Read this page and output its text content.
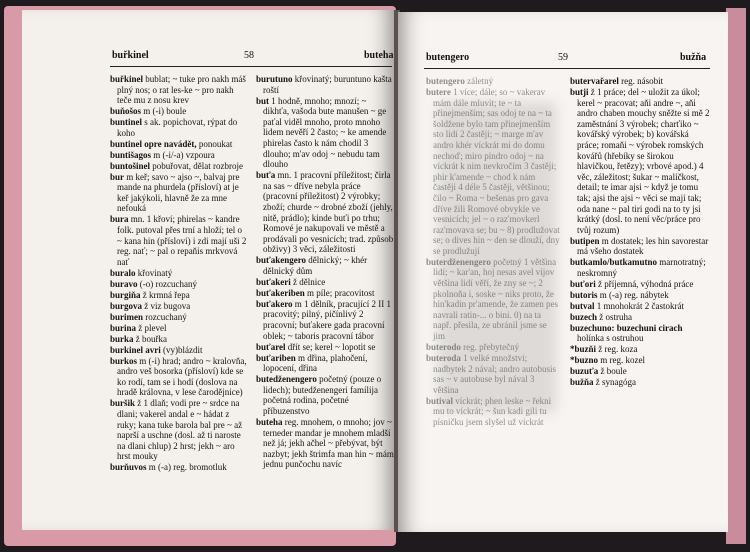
buřkinel	58	buteha
buřkinel bublat; ~ tuke pro nakh máš plný nos; o rat les-ke ~ pro nakh teče mu z nosu krev
buňošos m (-i) boule
buntinel s ak. popichovat, rýpat do koho
buntinel opre navádět, ponoukat
buntišagos m (-i/-a) vzpoura
buntošinel pobuřovat, dělat rozbroje
bur m keř; savo ~ ajso ~, balvaj pre mande na phurdela (přísloví) at je keř jakýkoli, hlavně že za mne nefouká
bura mn. 1 křoví; phirelas ~ kandre folk. putoval přes trní a hloží; tel o ~ kana hin (přísloví) i zdi mají uši 2 reg. nať; ~ pal o repaňis mrkvová nať
buralo křovinatý
buravo (-o) rozcuchaný
burgiňa ž krmná řepa
burgova ž viz bugova
burimen rozcuchaný
burina ž plevel
burka ž bouřka
burkinel avri (vy)blázdit
burkos m (-i) hrad; andro ~ kralovňa, andro veš bosorka (přísloví) kde se ko rodí, tam se i hodí (doslova na hradě královna, v lese čarodějnice)
buršik ž 1 dlaň; vodi pre ~ srdce na dlani; vakerel andal e ~ hádat z ruky; kana tuke barola bal pre ~ až naprší a uschne (dosl. až ti naroste na dlani chlup) 2 hrst; jekh ~ aro hrst mouky
burňuvos m (-a) reg. bromotluk
burutuno křovinatý; buruntuno kašta roští
but 1 hodně, mnoho; mnozí; ~ dikhťa, vašoda bute manušen ~ ge paťal viděl mnoho, proto mnoho lidem nevěří 2 často; ~ ke amende phirelas často k nám chodil 3 dlouho; m'av odoj ~ nebudu tam dlouho
buťa mn. 1 pracovní příležitost; čirla na sas ~ dříve nebyla práce (pracovní příležitost) 2 výrobky; zboží; churde ~ drobné zboží (jehly, nitě, prádlo); kinde buťi po trhu; Romové je nakupovali ve městě a prodávali po vesnicích; trad. způsob obživy) 3 věci, záležitosti
buťakengero dělnický; ~ khér dělnický dům
buťakeri ž dělnice
buťakeriben m píle; pracovitost
buťakero m 1 dělník, pracující 2 II 1 pracovitý; pilný, pičínlivý 2 pracovní; buťakere gada pracovní oblek; ~ taboris pracovní tábor
buťarel dřít se; kerel ~ lopotit se
buťariben m dřina, plahočení, lopocení, dřina
butedženengero početný (pouze o lidech); butedženengeri famílija početná rodina, početné příbuzenstvo
buteha reg. mnohem, o mnoho; jov ~ terneder mandar je mnohem mladší než já; jekh ačhel ~ přebývat, být nazbyt; jekh štrimfa man hin ~ mám jednu punčochu navíc
butengero	59	bužňa
butengero záletný
butere 1 více; dále; so ~ vakerav mám dále mluvit; te ~ ta přinejmenším; sas odoj te na ~ ta šoldžene bylo tam přinejmenším sto lidí 2 častěji; ~ marge m'av andro khér víckrát mi do domu nechoď; miro pindro odoj ~ na víckrát k nim nevkročím 3 častěji; phir k'amende ~ chod k nám častěji 4 déle 5 častěji, většinou; čilo ~ Roma ~ bešenas pro gava dříve žili Romové obvykle ve vesnicích; jel ~ o raz'movkerl raz'movava se; bu ~ 8) prodlužovat se; o dives hin ~ den se dlouží, dny se prodlužují
buterdženengero početný 1 většina lidí; ~ kar'an, hoj nesas avel vijov většina lidí věří, že zny se ~; 2 pkolnoňa i, soske ~ niks proto, že hin'kadin pr'amende, že zamen pes navrali ratin-... o bini. 0) na ta např. přesila, ze ubránil jsme se jim
buterodo reg. přebytečný
buteroda 1 velké množství; nadbytek 2 nával; andro autobusis sas ~ v autobuse byl nával 3 většina
butival víckrát; phen leske ~ řekni mu to víckrát; ~ šun kadi gili tu písničku jsem slyšel už víckrát
butervařarel reg. násobit
butji ž 1 práce; del ~ uložit za úkol; kerel ~ pracovat; aňi andre ~, aňi andro chaben mouchy sněžte si mě 2 zaměstnání 3 výrobek; charťiko ~ kovářský výrobek; b) kovářská práce; romaňi ~ výrobek romských kovářů (hřebíky se širokou hlavičkou, řetězy); vrbové apod.) 4 věc, záležitost; šukar ~ maličkost, detail; te imar ajsi ~ když je tomu tak; ajsi the ajsi ~ věci se mají tak; oda nane ~ pal tiri godi na to ty jsi krátký (dosl. to není věc/práce pro tvůj rozum)
butipen m dostatek; les hin savorestar má všeho dostatek
butkamlo/butkamutno marnotratný; neskromný
buťori ž příjemná, výhodná práce
butoris m (-a) reg. nábytek
butval 1 mnohokrát 2 častokrát
buzech ž ostruha
buzechuno: buzechuni cirach holínka s ostruhou
*buzňi ž reg. koza
*buzno m reg. kozel
buzuťa ž boule
bužňa ž synagóga
